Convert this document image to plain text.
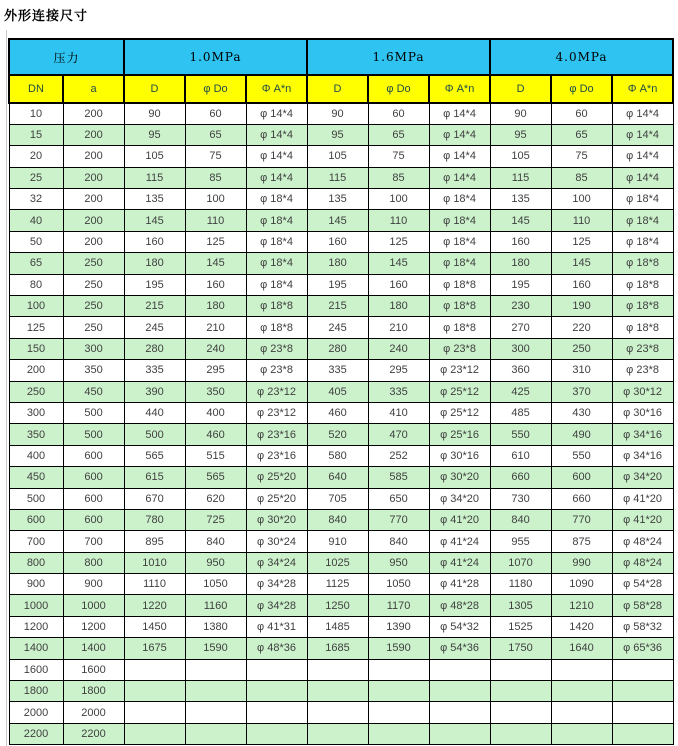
外形连接尺寸
压力		1.0MPa			1.6MPa			4.0MPa		
DN	a	D	φ Do	Φ A*n	D	φ Do	Φ A*n	D	φ Do	Φ A*n
10	200	90	60	φ 14*4	90	60	φ 14*4	90	60	φ 14*4
15	200	95	65	φ 14*4	95	65	φ 14*4	95	65	φ 14*4
20	200	105	75	φ 14*4	105	75	φ 14*4	105	75	φ 14*4
25	200	115	85	φ 14*4	115	85	φ 14*4	115	85	φ 14*4
32	200	135	100	φ 18*4	135	100	φ 18*4	135	100	φ 18*4
40	200	145	110	φ 18*4	145	110	φ 18*4	145	110	φ 18*4
50	200	160	125	φ 18*4	160	125	φ 18*4	160	125	φ 18*4
65	250	180	145	φ 18*4	180	145	φ 18*4	180	145	φ 18*8
80	250	195	160	φ 18*4	195	160	φ 18*8	195	160	φ 18*8
100	250	215	180	φ 18*8	215	180	φ 18*8	230	190	φ 18*8
125	250	245	210	φ 18*8	245	210	φ 18*8	270	220	φ 18*8
150	300	280	240	φ 23*8	280	240	φ 23*8	300	250	φ 23*8
200	350	335	295	φ 23*8	335	295	φ 23*12	360	310	φ 23*8
250	450	390	350	φ 23*12	405	335	φ 25*12	425	370	φ 30*12
300	500	440	400	φ 23*12	460	410	φ 25*12	485	430	φ 30*16
350	500	500	460	φ 23*16	520	470	φ 25*16	550	490	φ 34*16
400	600	565	515	φ 23*16	580	252	φ 30*16	610	550	φ 34*16
450	600	615	565	φ 25*20	640	585	φ 30*20	660	600	φ 34*20
500	600	670	620	φ 25*20	705	650	φ 34*20	730	660	φ 41*20
600	600	780	725	φ 30*20	840	770	φ 41*20	840	770	φ 41*20
700	700	895	840	φ 30*24	910	840	φ 41*24	955	875	φ 48*24
800	800	1010	950	φ 34*24	1025	950	φ 41*24	1070	990	φ 48*24
900	900	1110	1050	φ 34*28	1125	1050	φ 41*28	1180	1090	φ 54*28
1000	1000	1220	1160	φ 34*28	1250	1170	φ 48*28	1305	1210	φ 58*28
1200	1200	1450	1380	φ 41*31	1485	1390	φ 54*32	1525	1420	φ 58*32
1400	1400	1675	1590	φ 48*36	1685	1590	φ 54*36	1750	1640	φ 65*36
1600	1600									
1800	1800									
2000	2000									
2200	2200									
